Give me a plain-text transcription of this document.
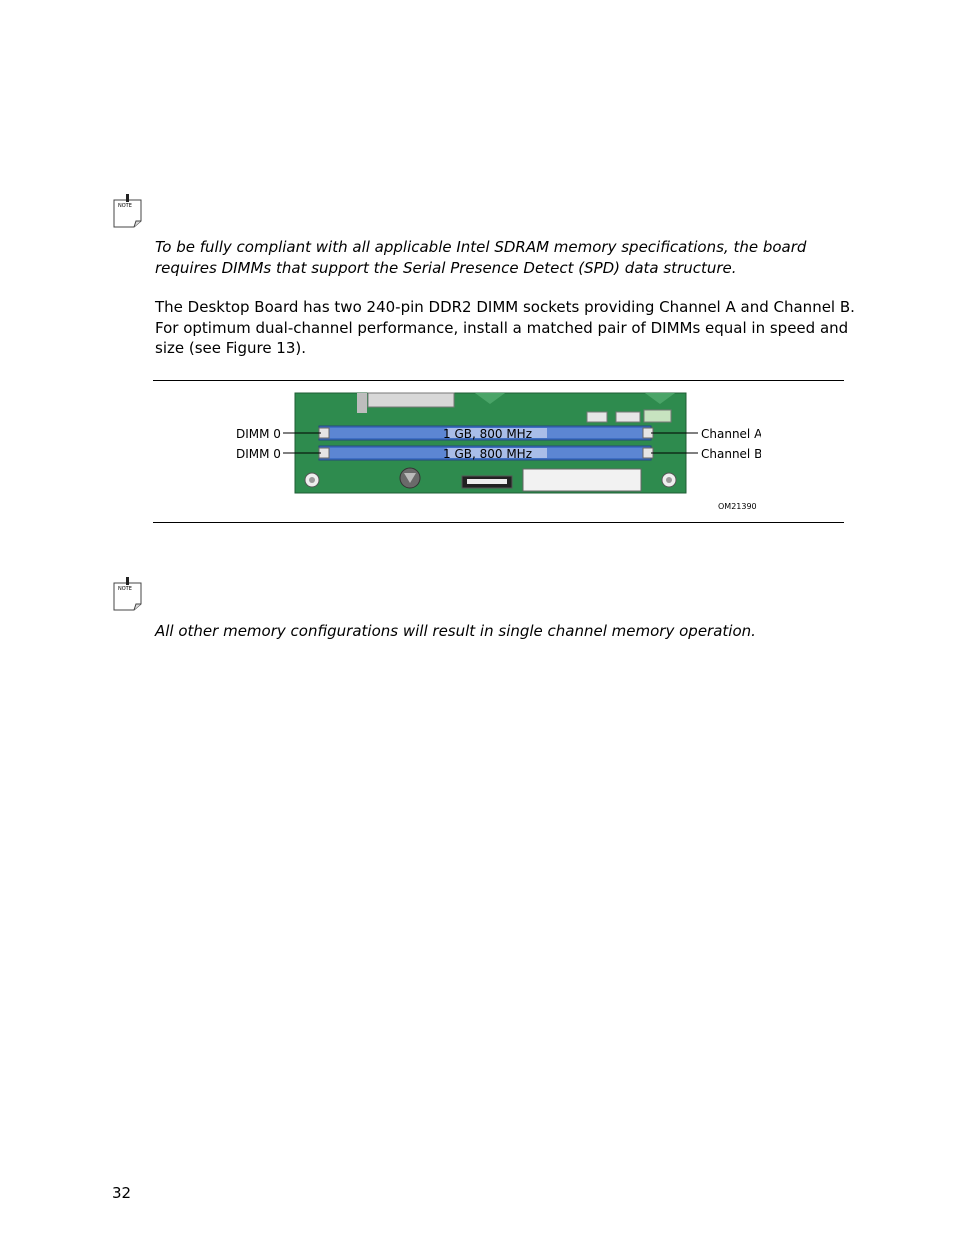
NOTE
To be fully compliant with all applicable Intel SDRAM memory specifications, the board requires DIMMs that support the Serial Presence Detect (SPD) data structure.
The Desktop Board has two 240-pin DDR2 DIMM sockets providing Channel A and Channel B. For optimum dual-channel performance, install a matched pair of DIMMs equal in speed and size (see Figure 13).
1 GB, 800 MHz
1 GB, 800 MHz
DIMM 0
DIMM 0
Channel A
Channel B
OM21390
NOTE
All other memory configurations will result in single channel memory operation.
32
